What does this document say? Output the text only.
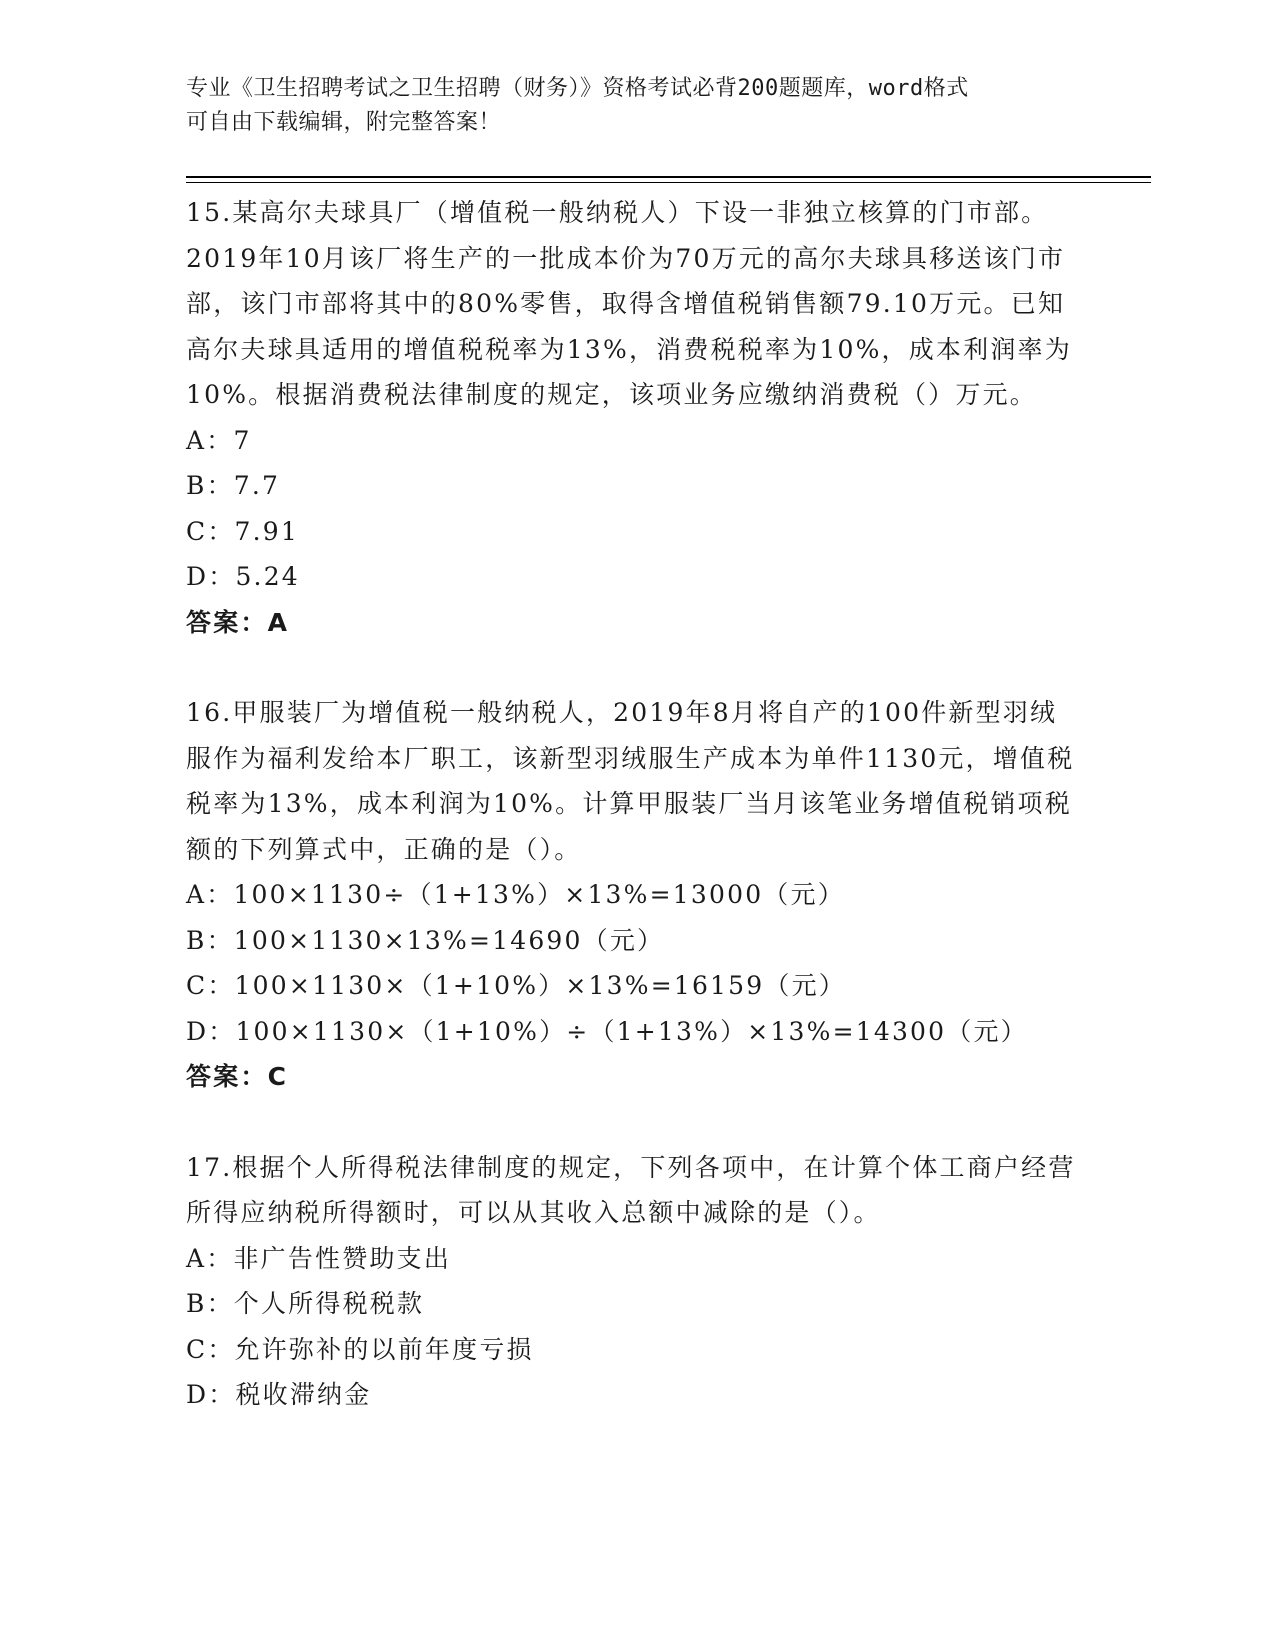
专业《卫生招聘考试之卫生招聘（财务）》资格考试必背200题题库，word格式
可自由下载编辑，附完整答案！
15.某高尔夫球具厂（增值税一般纳税人）下设一非独立核算的门市部。2019年10月该厂将生产的一批成本价为70万元的高尔夫球具移送该门市部，该门市部将其中的80%零售，取得含增值税销售额79.10万元。已知高尔夫球具适用的增值税税率为13%，消费税税率为10%，成本利润率为10%。根据消费税法律制度的规定，该项业务应缴纳消费税（）万元。
A：7
B：7.7
C：7.91
D：5.24
答案：A
16.甲服装厂为增值税一般纳税人，2019年8月将自产的100件新型羽绒服作为福利发给本厂职工，该新型羽绒服生产成本为单件1130元，增值税税率为13%，成本利润为10%。计算甲服装厂当月该笔业务增值税销项税额的下列算式中，正确的是（）。
A：100×1130÷（1+13%）×13%=13000（元）
B：100×1130×13%=14690（元）
C：100×1130×（1+10%）×13%=16159（元）
D：100×1130×（1+10%）÷（1+13%）×13%=14300（元）
答案：C
17.根据个人所得税法律制度的规定，下列各项中，在计算个体工商户经营所得应纳税所得额时，可以从其收入总额中减除的是（）。
A：非广告性赞助支出
B：个人所得税税款
C：允许弥补的以前年度亏损
D：税收滞纳金
